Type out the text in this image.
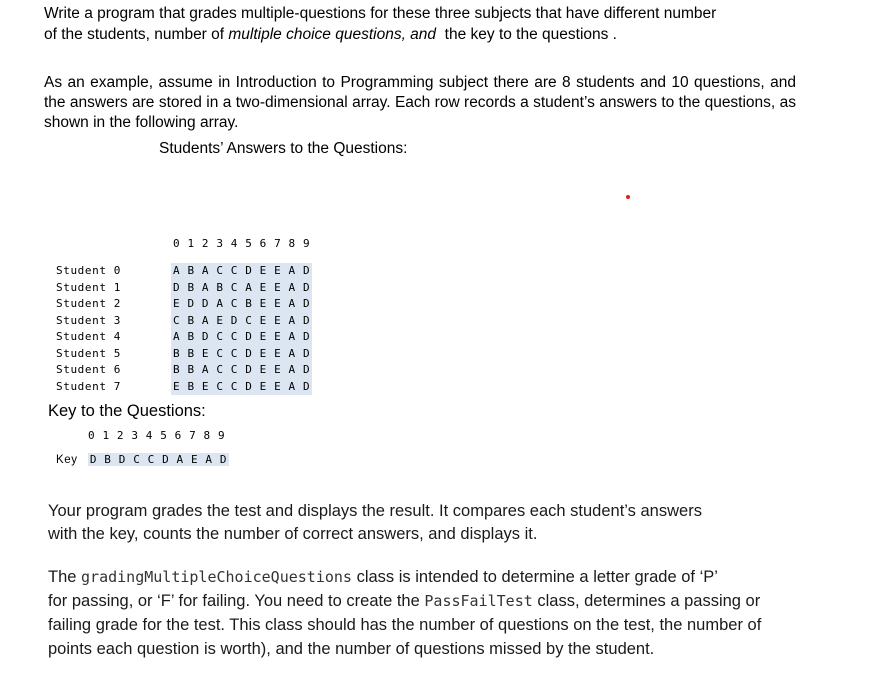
Write a program that grades multiple-questions for these three subjects that have different number
of the students, number of multiple choice questions, and  the key to the questions .
As an example, assume in Introduction to Programming subject there are 8 students and 10 questions, and the answers are stored in a two-dimensional array. Each row records a student’s answers to the questions, as shown in the following array.
Students’ Answers to the Questions:
0 1 2 3 4 5 6 7 8 9
Student 0
Student 1
Student 2
Student 3
Student 4
Student 5
Student 6
Student 7
A B A C C D E E A D
D B A B C A E E A D
E D D A C B E E A D
C B A E D C E E A D
A B D C C D E E A D
B B E C C D E E A D
B B A C C D E E A D
E B E C C D E E A D
Key to the Questions:
0 1 2 3 4 5 6 7 8 9
Key D B D C C D A E A D
Your program grades the test and displays the result. It compares each student’s answers
with the key, counts the number of correct answers, and displays it.
The gradingMultipleChoiceQuestions class is intended to determine a letter grade of ‘P’
for passing, or ‘F’ for failing. You need to create the PassFailTest class, determines a passing or
failing grade for the test. This class should has the number of questions on the test, the number of
points each question is worth), and the number of questions missed by the student.
